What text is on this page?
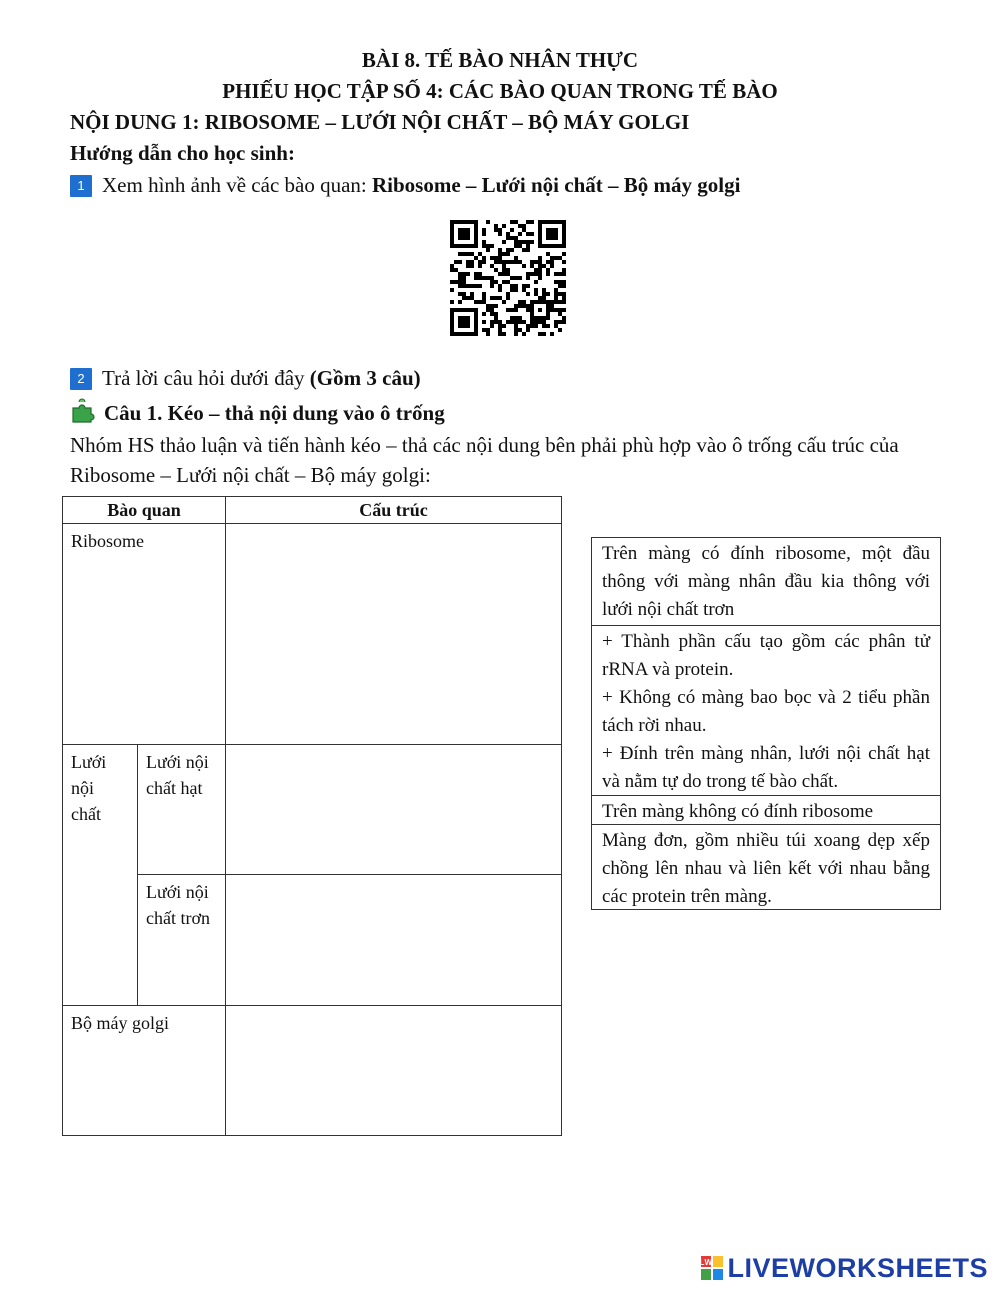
BÀI 8. TẾ BÀO NHÂN THỰC
PHIẾU HỌC TẬP SỐ 4: CÁC BÀO QUAN TRONG TẾ BÀO
NỘI DUNG 1: RIBOSOME – LƯỚI NỘI CHẤT – BỘ MÁY GOLGI
Hướng dẫn cho học sinh:
1 Xem hình ảnh về các bào quan: Ribosome – Lưới nội chất – Bộ máy golgi
2 Trả lời câu hỏi dưới đây (Gồm 3 câu)
Câu 1. Kéo – thả nội dung vào ô trống
Nhóm HS thảo luận và tiến hành kéo – thả các nội dung bên phải phù hợp vào ô trống cấu trúc của Ribosome – Lưới nội chất – Bộ máy golgi:
Bào quan	Cấu trúc
Ribosome
Lưới nội chất
Lưới nội chất hạt
Lưới nội chất trơn
Bộ máy golgi
Trên màng có đính ribosome, một đầu thông với màng nhân đầu kia thông với lưới nội chất trơn
+ Thành phần cấu tạo gồm các phân tử rRNA và protein.
+ Không có màng bao bọc và 2 tiểu phần tách rời nhau.
+ Đính trên màng nhân, lưới nội chất hạt và nằm tự do trong tế bào chất.
Trên màng không có đính ribosome
Màng đơn, gồm nhiều túi xoang dẹp xếp chồng lên nhau và liên kết với nhau bằng các protein trên màng.
LW LIVEWORKSHEETS
